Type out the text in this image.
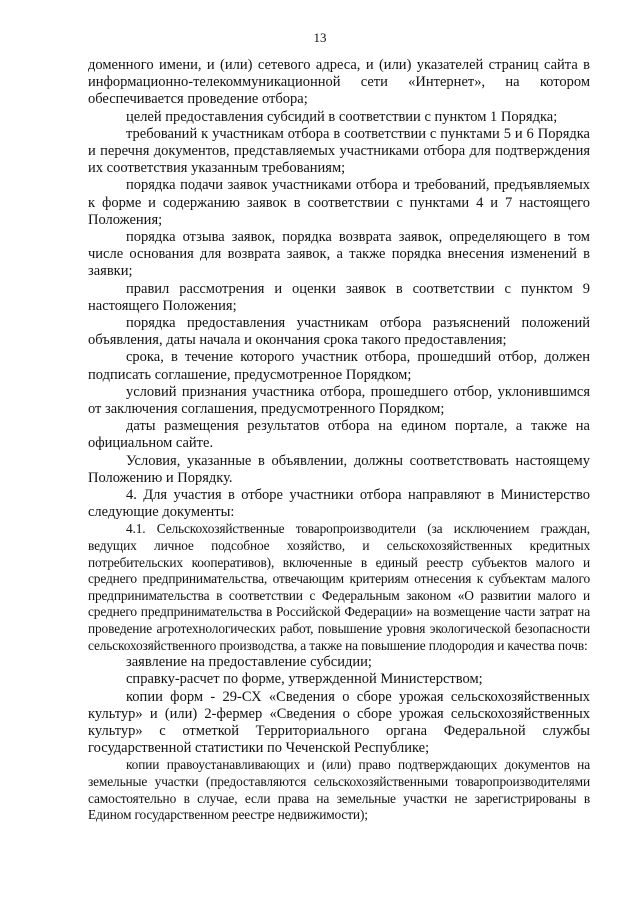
13

доменного имени, и (или) сетевого адреса, и (или) указателей страниц сайта в информационно-телекоммуникационной сети «Интернет», на котором обеспечивается проведение отбора;

целей предоставления субсидий в соответствии с пунктом 1 Порядка;

требований к участникам отбора в соответствии с пунктами 5 и 6 Порядка и перечня документов, представляемых участниками отбора для подтверждения их соответствия указанным требованиям;

порядка подачи заявок участниками отбора и требований, предъявляемых к форме и содержанию заявок в соответствии с пунктами 4 и 7 настоящего Положения;

порядка отзыва заявок, порядка возврата заявок, определяющего в том числе основания для возврата заявок, а также порядка внесения изменений в заявки;

правил рассмотрения и оценки заявок в соответствии с пунктом 9 настоящего Положения;

порядка предоставления участникам отбора разъяснений положений объявления, даты начала и окончания срока такого предоставления;

срока, в течение которого участник отбора, прошедший отбор, должен подписать соглашение, предусмотренное Порядком;

условий признания участника отбора, прошедшего отбор, уклонившимся от заключения соглашения, предусмотренного Порядком;

даты размещения результатов отбора на едином портале, а также на официальном сайте.

Условия, указанные в объявлении, должны соответствовать настоящему Положению и Порядку.

4. Для участия в отборе участники отбора направляют в Министерство следующие документы:

4.1. Сельскохозяйственные товаропроизводители (за исключением граждан, ведущих личное подсобное хозяйство, и сельскохозяйственных кредитных потребительских кооперативов), включенные в единый реестр субъектов малого и среднего предпринимательства, отвечающим критериям отнесения к субъектам малого предпринимательства в соответствии с Федеральным законом «О развитии малого и среднего предпринимательства в Российской Федерации» на возмещение части затрат на проведение агротехнологических работ, повышение уровня экологической безопасности сельскохозяйственного производства, а также на повышение плодородия и качества почв:

заявление на предоставление субсидии;

справку-расчет по форме, утвержденной Министерством;

копии форм - 29-СХ «Сведения о сборе урожая сельскохозяйственных культур» и (или) 2-фермер «Сведения о сборе урожая сельскохозяйственных культур» с отметкой Территориального органа Федеральной службы государственной статистики по Чеченской Республике;

копии правоустанавливающих и (или) право подтверждающих документов на земельные участки (предоставляются сельскохозяйственными товаропроизводителями самостоятельно в случае, если права на земельные участки не зарегистрированы в Едином государственном реестре недвижимости);
